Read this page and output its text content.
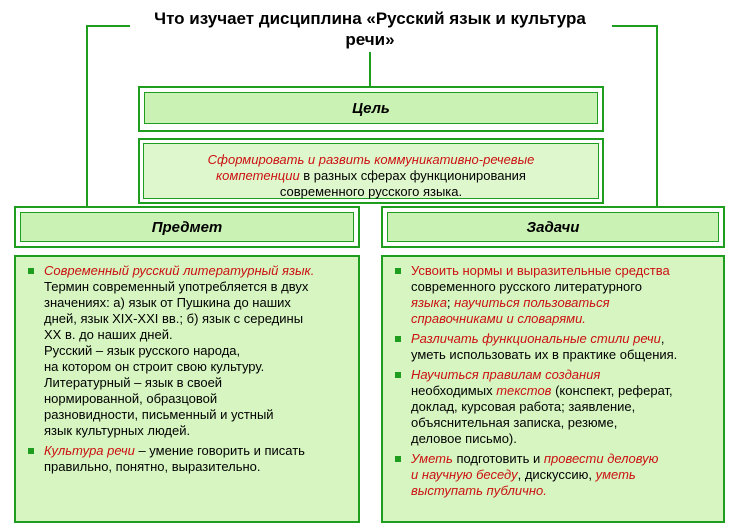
Что изучает дисциплина «Русский язык и культура
речи»
Цель
Сформировать и развить коммуникативно-речевые
компетенции в разных сферах функционирования
современного русского языка.
Предмет	Задачи
Современный русский литературный язык.
Термин современный употребляется в двух
значениях: а) язык от Пушкина до наших
дней, язык XIX-XXI вв.; б) язык с середины
XX в. до наших дней.
Русский – язык русского народа,
на котором он строит свою культуру.
Литературный – язык в своей
нормированной, образцовой
разновидности, письменный и устный
язык культурных людей.
Культура речи – умение говорить и писать
правильно, понятно, выразительно.
Усвоить нормы и выразительные средства
современного русского литературного
языка; научиться пользоваться
справочниками и словарями.
Различать функциональные стили речи,
уметь использовать их в практике общения.
Научиться правилам создания
необходимых текстов (конспект, реферат,
доклад, курсовая работа; заявление,
объяснительная записка, резюме,
деловое письмо).
Уметь подготовить и провести деловую
и научную беседу, дискуссию, уметь
выступать публично.
